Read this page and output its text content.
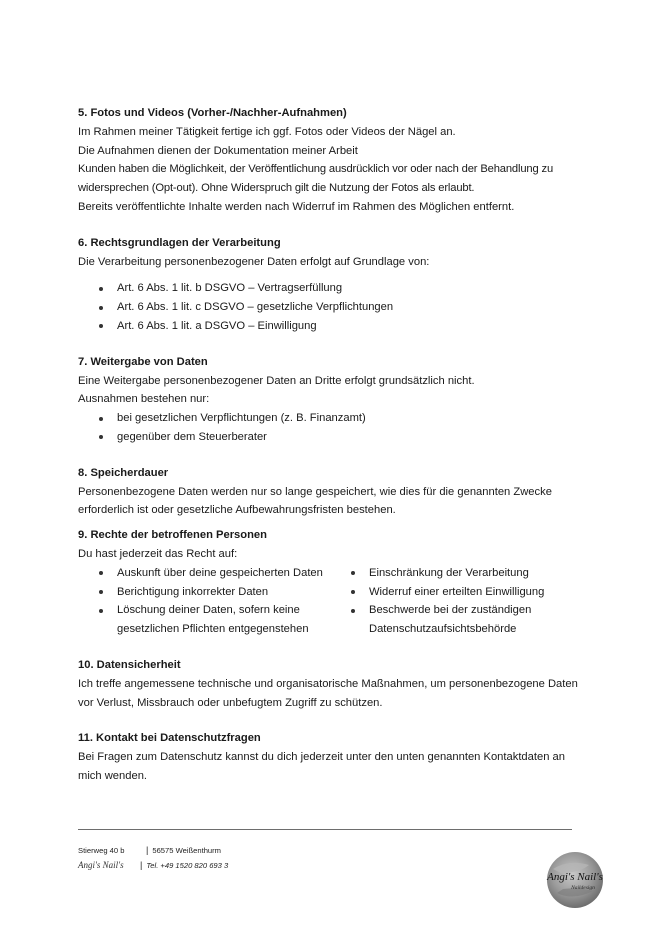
5. Fotos und Videos (Vorher-/Nachher-Aufnahmen)

Im Rahmen meiner Tätigkeit fertige ich ggf. Fotos oder Videos der Nägel an.

Die Aufnahmen dienen der Dokumentation meiner Arbeit

Kunden haben die Möglichkeit, der Veröffentlichung ausdrücklich vor oder nach der Behandlung zu widersprechen (Opt-out). Ohne Widerspruch gilt die Nutzung der Fotos als erlaubt.

Bereits veröffentlichte Inhalte werden nach Widerruf im Rahmen des Möglichen entfernt.

6. Rechtsgrundlagen der Verarbeitung

Die Verarbeitung personenbezogener Daten erfolgt auf Grundlage von:

Art. 6 Abs. 1 lit. b DSGVO – Vertragserfüllung
Art. 6 Abs. 1 lit. c DSGVO – gesetzliche Verpflichtungen
Art. 6 Abs. 1 lit. a DSGVO – Einwilligung

7. Weitergabe von Daten

Eine Weitergabe personenbezogener Daten an Dritte erfolgt grundsätzlich nicht.

Ausnahmen bestehen nur:

bei gesetzlichen Verpflichtungen (z. B. Finanzamt)
gegenüber dem Steuerberater

8. Speicherdauer

Personenbezogene Daten werden nur so lange gespeichert, wie dies für die genannten Zwecke erforderlich ist oder gesetzliche Aufbewahrungsfristen bestehen.

9. Rechte der betroffenen Personen

Du hast jederzeit das Recht auf:

Auskunft über deine gespeicherten Daten
Berichtigung inkorrekter Daten
Löschung deiner Daten, sofern keine gesetzlichen Pflichten entgegenstehen
Einschränkung der Verarbeitung
Widerruf einer erteilten Einwilligung
Beschwerde bei der zuständigen Datenschutzaufsichtsbehörde

10. Datensicherheit

Ich treffe angemessene technische und organisatorische Maßnahmen, um personenbezogene Daten vor Verlust, Missbrauch oder unbefugtem Zugriff zu schützen.

11. Kontakt bei Datenschutzfragen

Bei Fragen zum Datenschutz kannst du dich jederzeit unter den unten genannten Kontaktdaten an mich wenden.

Stierweg 40 b	| 56575 Weißenthurm
Angi's Nail's	| Tel. +49 1520 820 693 3
Angi's Nail's
Naildesign
